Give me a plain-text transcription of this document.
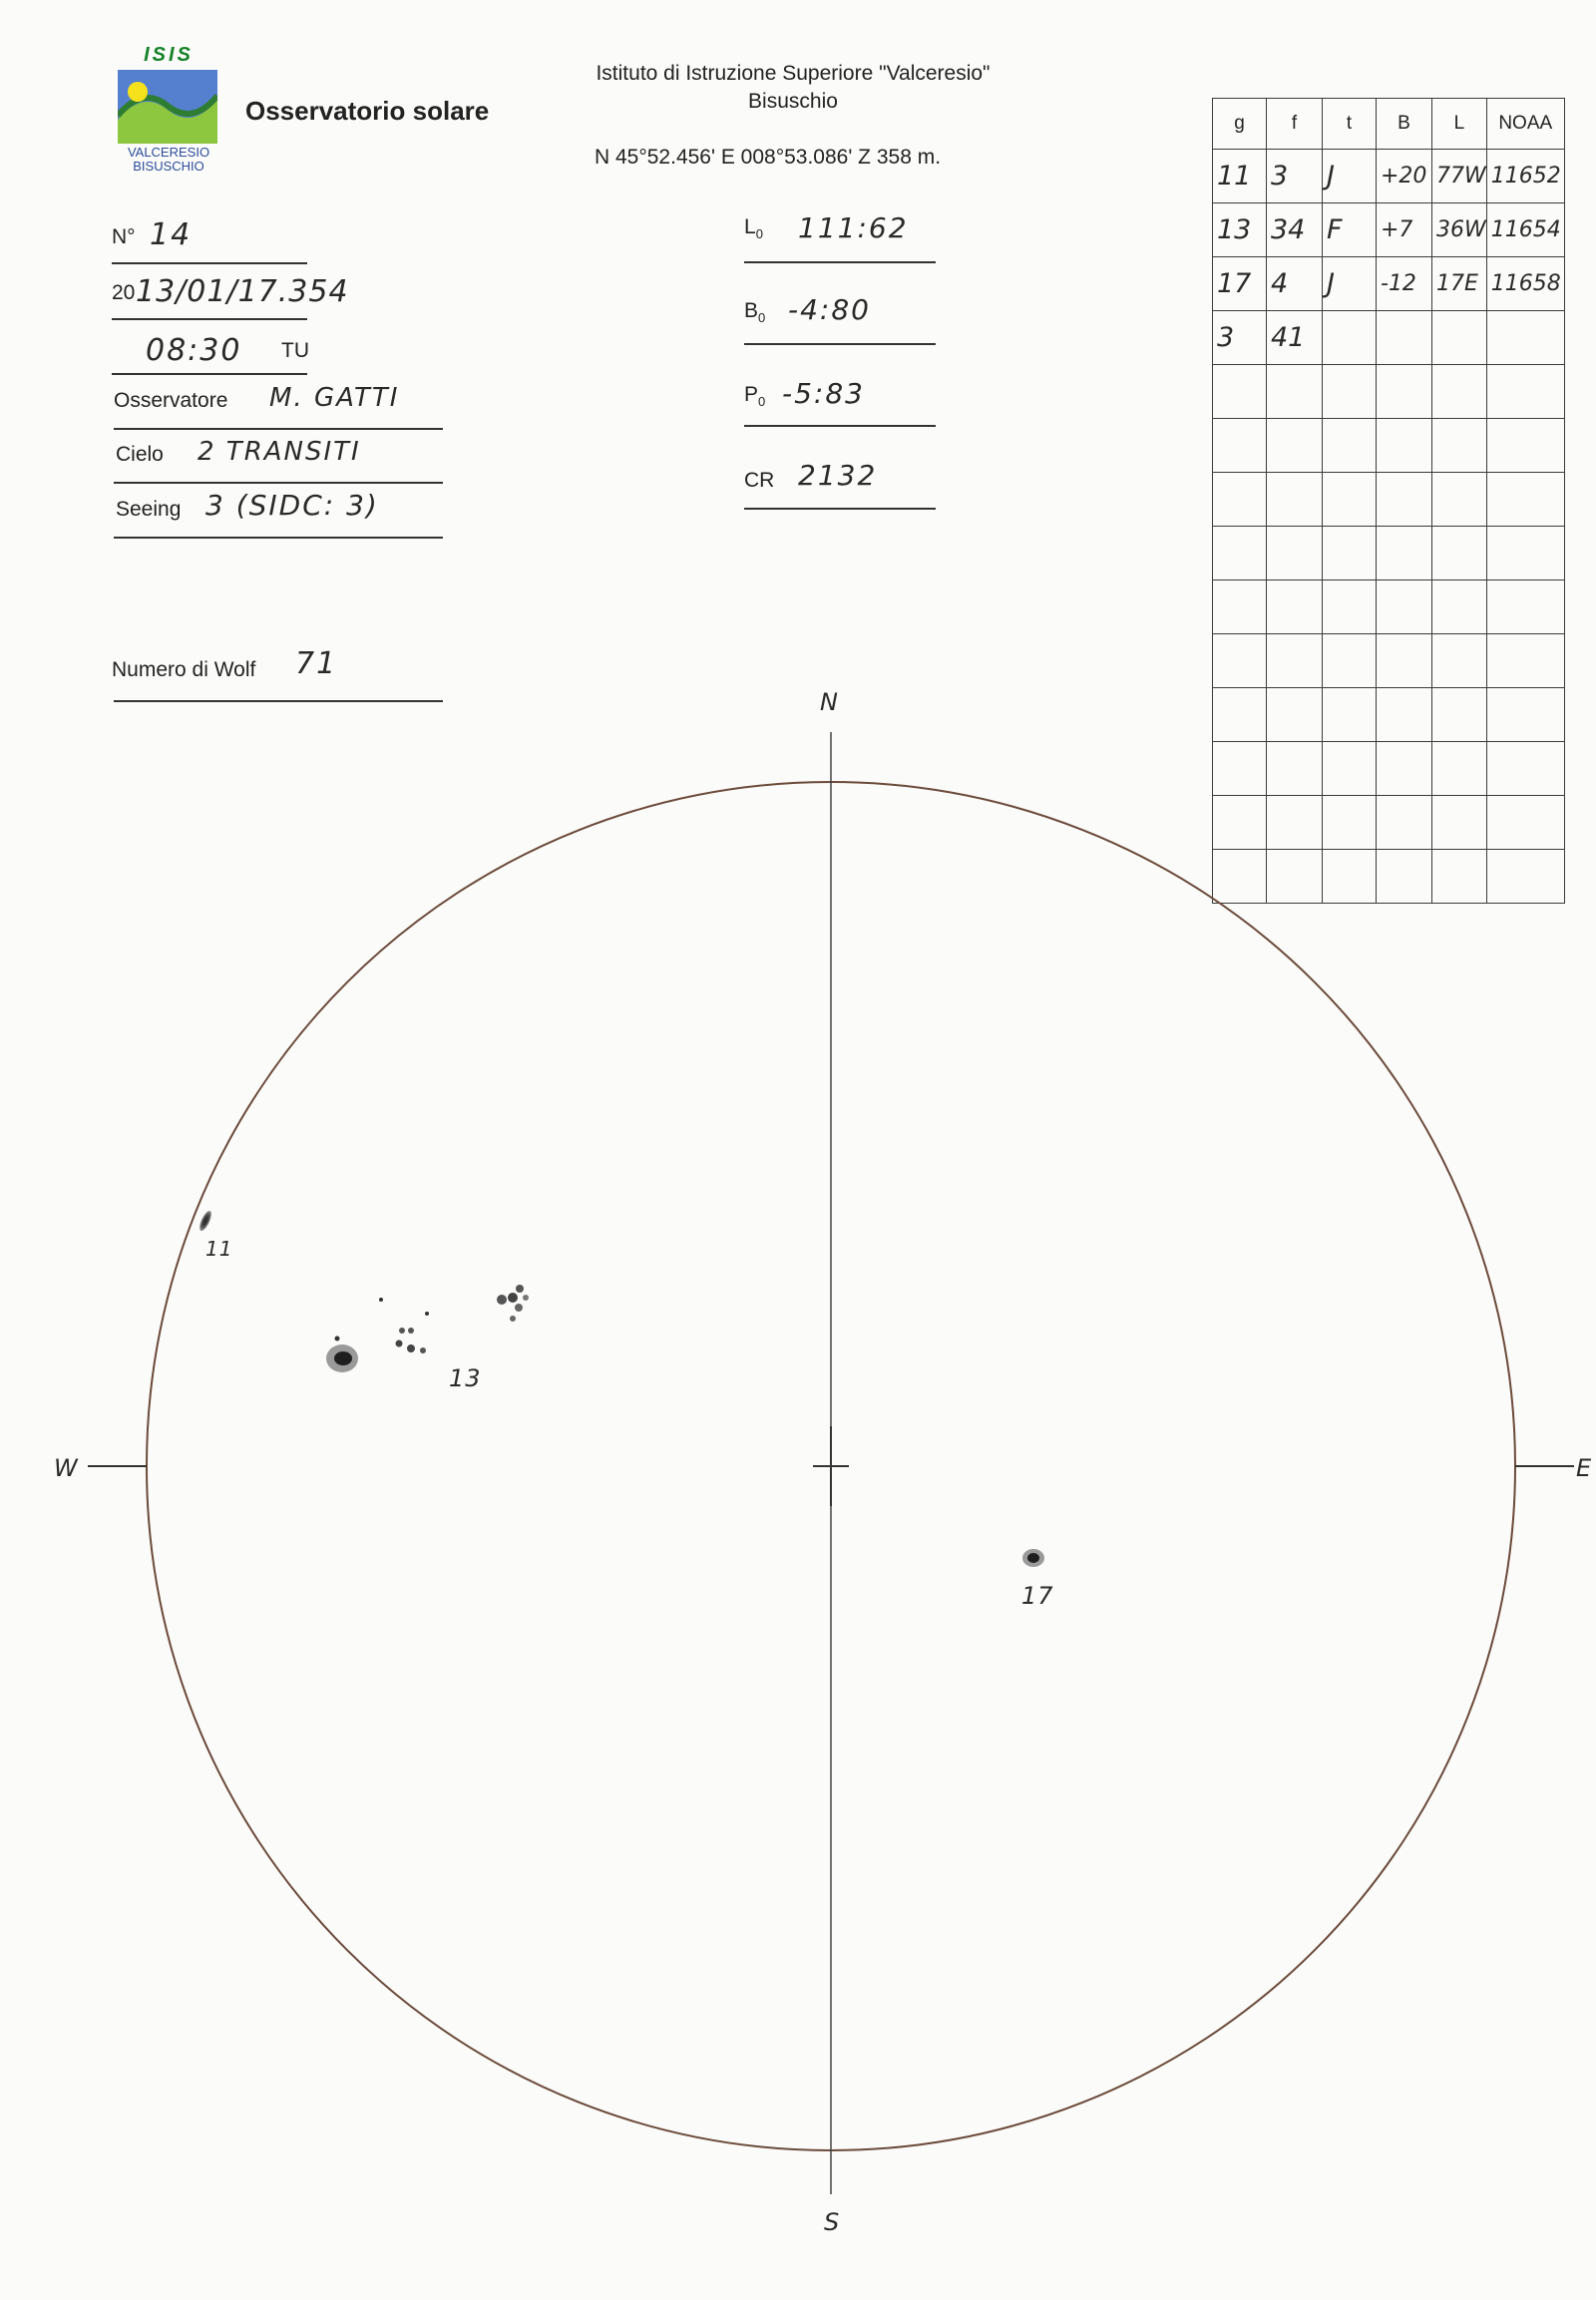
ISIS
VALCERESIO
BISUSCHIO
Osservatorio solare
Istituto di Istruzione Superiore "Valceresio"
Bisuschio
N 45°52.456' E 008°53.086' Z 358 m.
N° 14
20 13/01/17.354
08:30 TU
Osservatore M. GATTI
Cielo 2 TRANSITI
Seeing 3 (SIDC: 3)
Numero di Wolf 71
$L_0$ 111:62
$B_0$ -4:80
$P_0$ -5:83
CR 2132
g	f	t	B	L	NOAA
11	3	J	+20	77W	11652
13	34	F	+7	36W	11654
17	4	J	-12	17E	11658
3	41				

N
S
W	E
11
13
17
